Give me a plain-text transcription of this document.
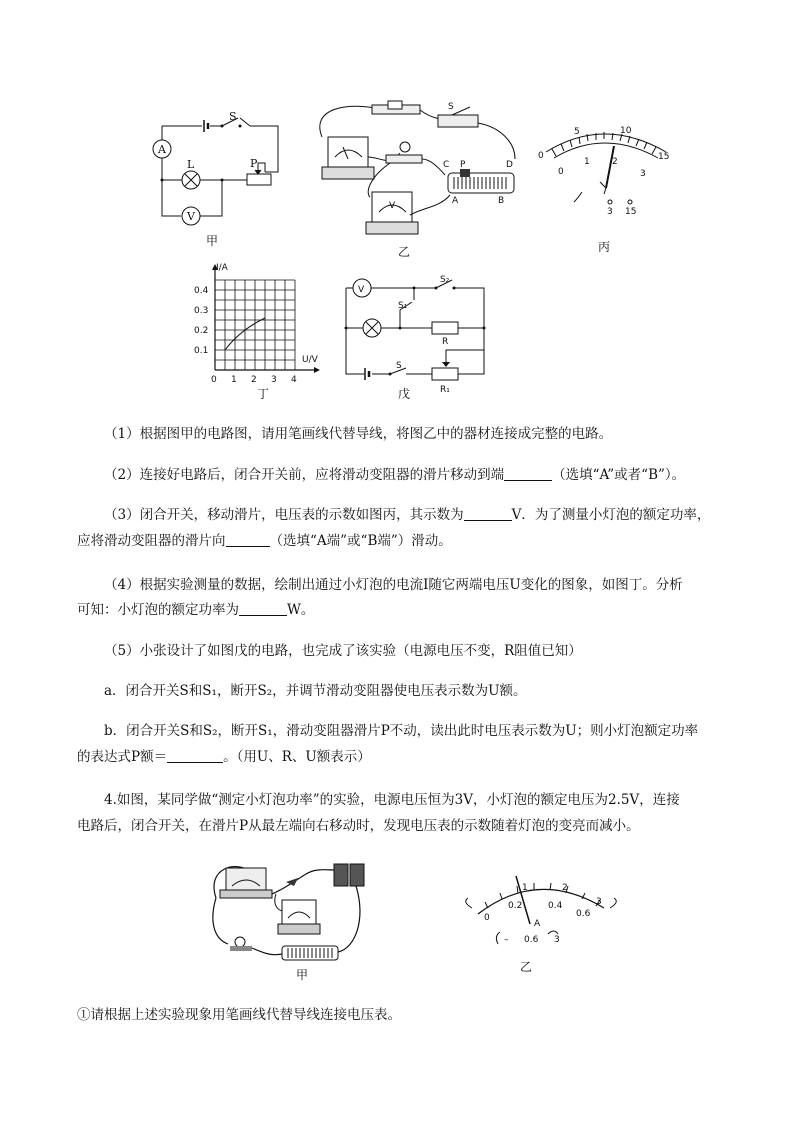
S
A
L	P
V
甲
S
V
C P	D
A	B
乙
0
5	10
15
0
1 2
3
3 15
丙
I/A
U/V
0.4
0.3
0.2
0.1
0 1 2 3 4
丁
V
S₂
S₁
R
S
R₁
戊
（1）根据图甲的电路图，请用笔画线代替导线，将图乙中的器材连接成完整的电路。
（2）连接好电路后，闭合开关前，应将滑动变阻器的滑片移动到端	（选填“A”或者“B”）。
（3）闭合开关，移动滑片，电压表的示数如图丙，其示数为	V．为了测量小灯泡的额定功率，
应将滑动变阻器的滑片向	（选填“A端”或“B端”）滑动。
（4）根据实验测量的数据，绘制出通过小灯泡的电流I随它两端电压U变化的图象，如图丁。分析
可知：小灯泡的额定功率为	W。
（5）小张设计了如图戊的电路，也完成了该实验（电源电压不变，R阻值已知）
a．闭合开关S和S₁，断开S₂，并调节滑动变阻器使电压表示数为U额。
b．闭合开关S和S₂，断开S₁，滑动变阻器滑片P不动，读出此时电压表示数为U；则小灯泡额定功率
的表达式P额＝	。（用U、R、U额表示）
4.如图，某同学做“测定小灯泡功率”的实验，电源电压恒为3V，小灯泡的额定电压为2.5V，连接
电路后，闭合开关，在滑片P从最左端向右移动时，发现电压表的示数随着灯泡的变亮而减小。
甲
1	2
3
0
0.2	0.4
0.6
A
– 0.6 3
乙
①请根据上述实验现象用笔画线代替导线连接电压表。
